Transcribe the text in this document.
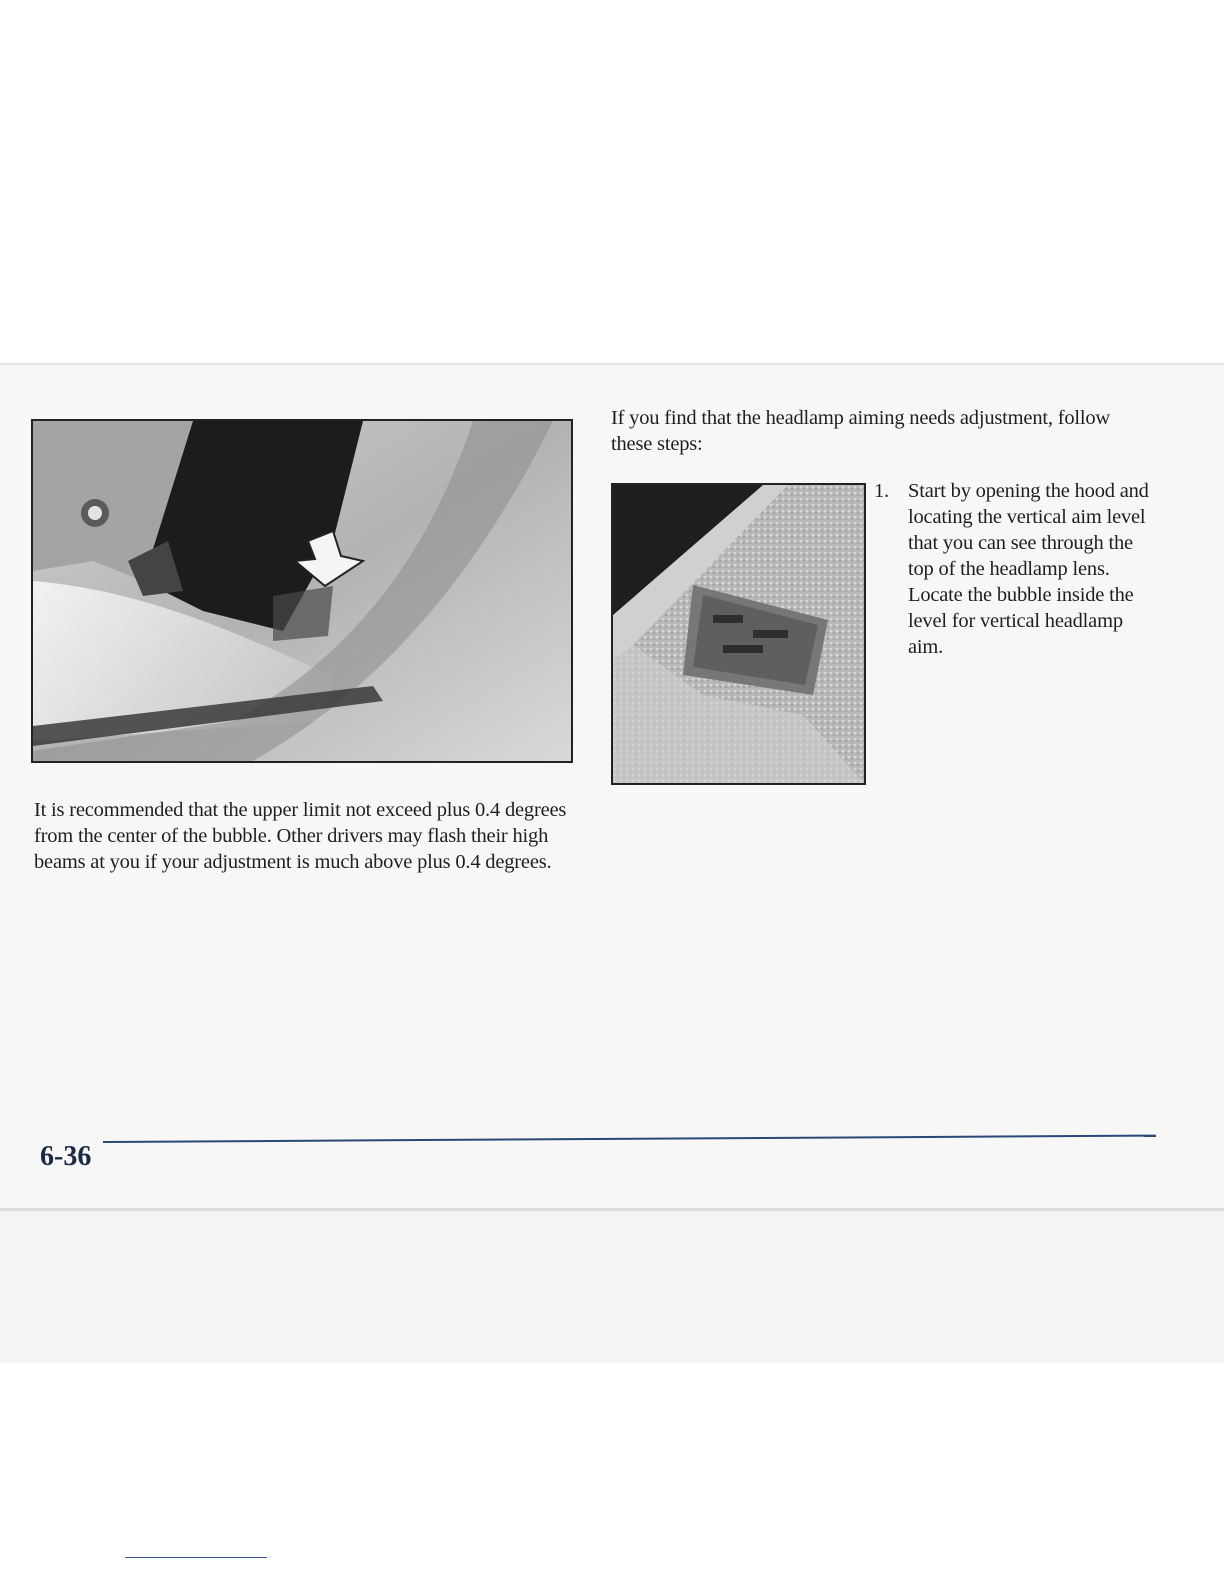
If you find that the headlamp aiming needs adjustment, follow these steps:
1. Start by opening the hood and locating the vertical aim level that you can see through the top of the headlamp lens. Locate the bubble inside the level for vertical headlamp aim.
It is recommended that the upper limit not exceed plus 0.4 degrees from the center of the bubble. Other drivers may flash their high beams at you if your adjustment is much above plus 0.4 degrees.
6-36
